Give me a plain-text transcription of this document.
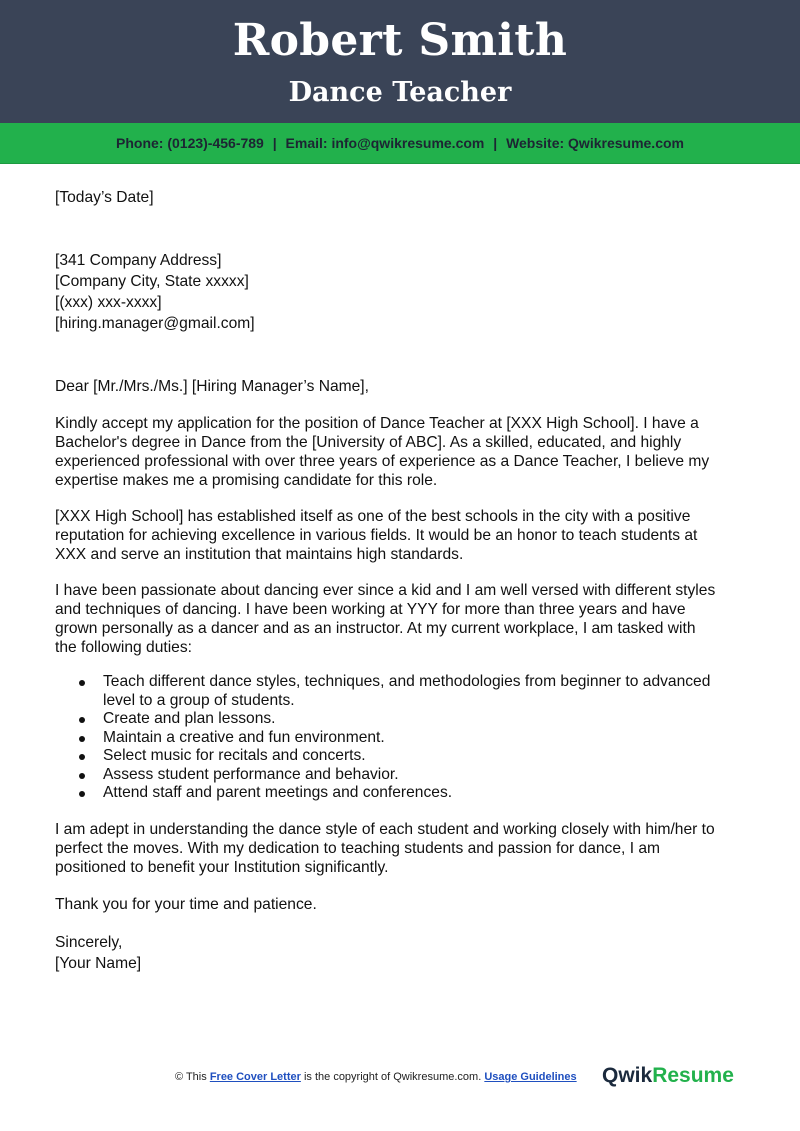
Robert Smith
Dance Teacher
Phone: (0123)-456-789 | Email: info@qwikresume.com | Website: Qwikresume.com
[Today’s Date]
[341 Company Address]
[Company City, State xxxxx]
[(xxx) xxx-xxxx]
[hiring.manager@gmail.com]
Dear [Mr./Mrs./Ms.] [Hiring Manager’s Name],
Kindly accept my application for the position of Dance Teacher at [XXX High School]. I have a
Bachelor's degree in Dance from the [University of ABC]. As a skilled, educated, and highly
experienced professional with over three years of experience as a Dance Teacher, I believe my
expertise makes me a promising candidate for this role.
[XXX High School] has established itself as one of the best schools in the city with a positive
reputation for achieving excellence in various fields. It would be an honor to teach students at
XXX and serve an institution that maintains high standards.
I have been passionate about dancing ever since a kid and I am well versed with different styles
and techniques of dancing. I have been working at YYY for more than three years and have
grown personally as a dancer and as an instructor. At my current workplace, I am tasked with
the following duties:
Teach different dance styles, techniques, and methodologies from beginner to advanced
level to a group of students.
Create and plan lessons.
Maintain a creative and fun environment.
Select music for recitals and concerts.
Assess student performance and behavior.
Attend staff and parent meetings and conferences.
I am adept in understanding the dance style of each student and working closely with him/her to
perfect the moves. With my dedication to teaching students and passion for dance, I am
positioned to benefit your Institution significantly.
Thank you for your time and patience.
Sincerely,
[Your Name]
© This Free Cover Letter is the copyright of Qwikresume.com. Usage Guidelines QwikResume
